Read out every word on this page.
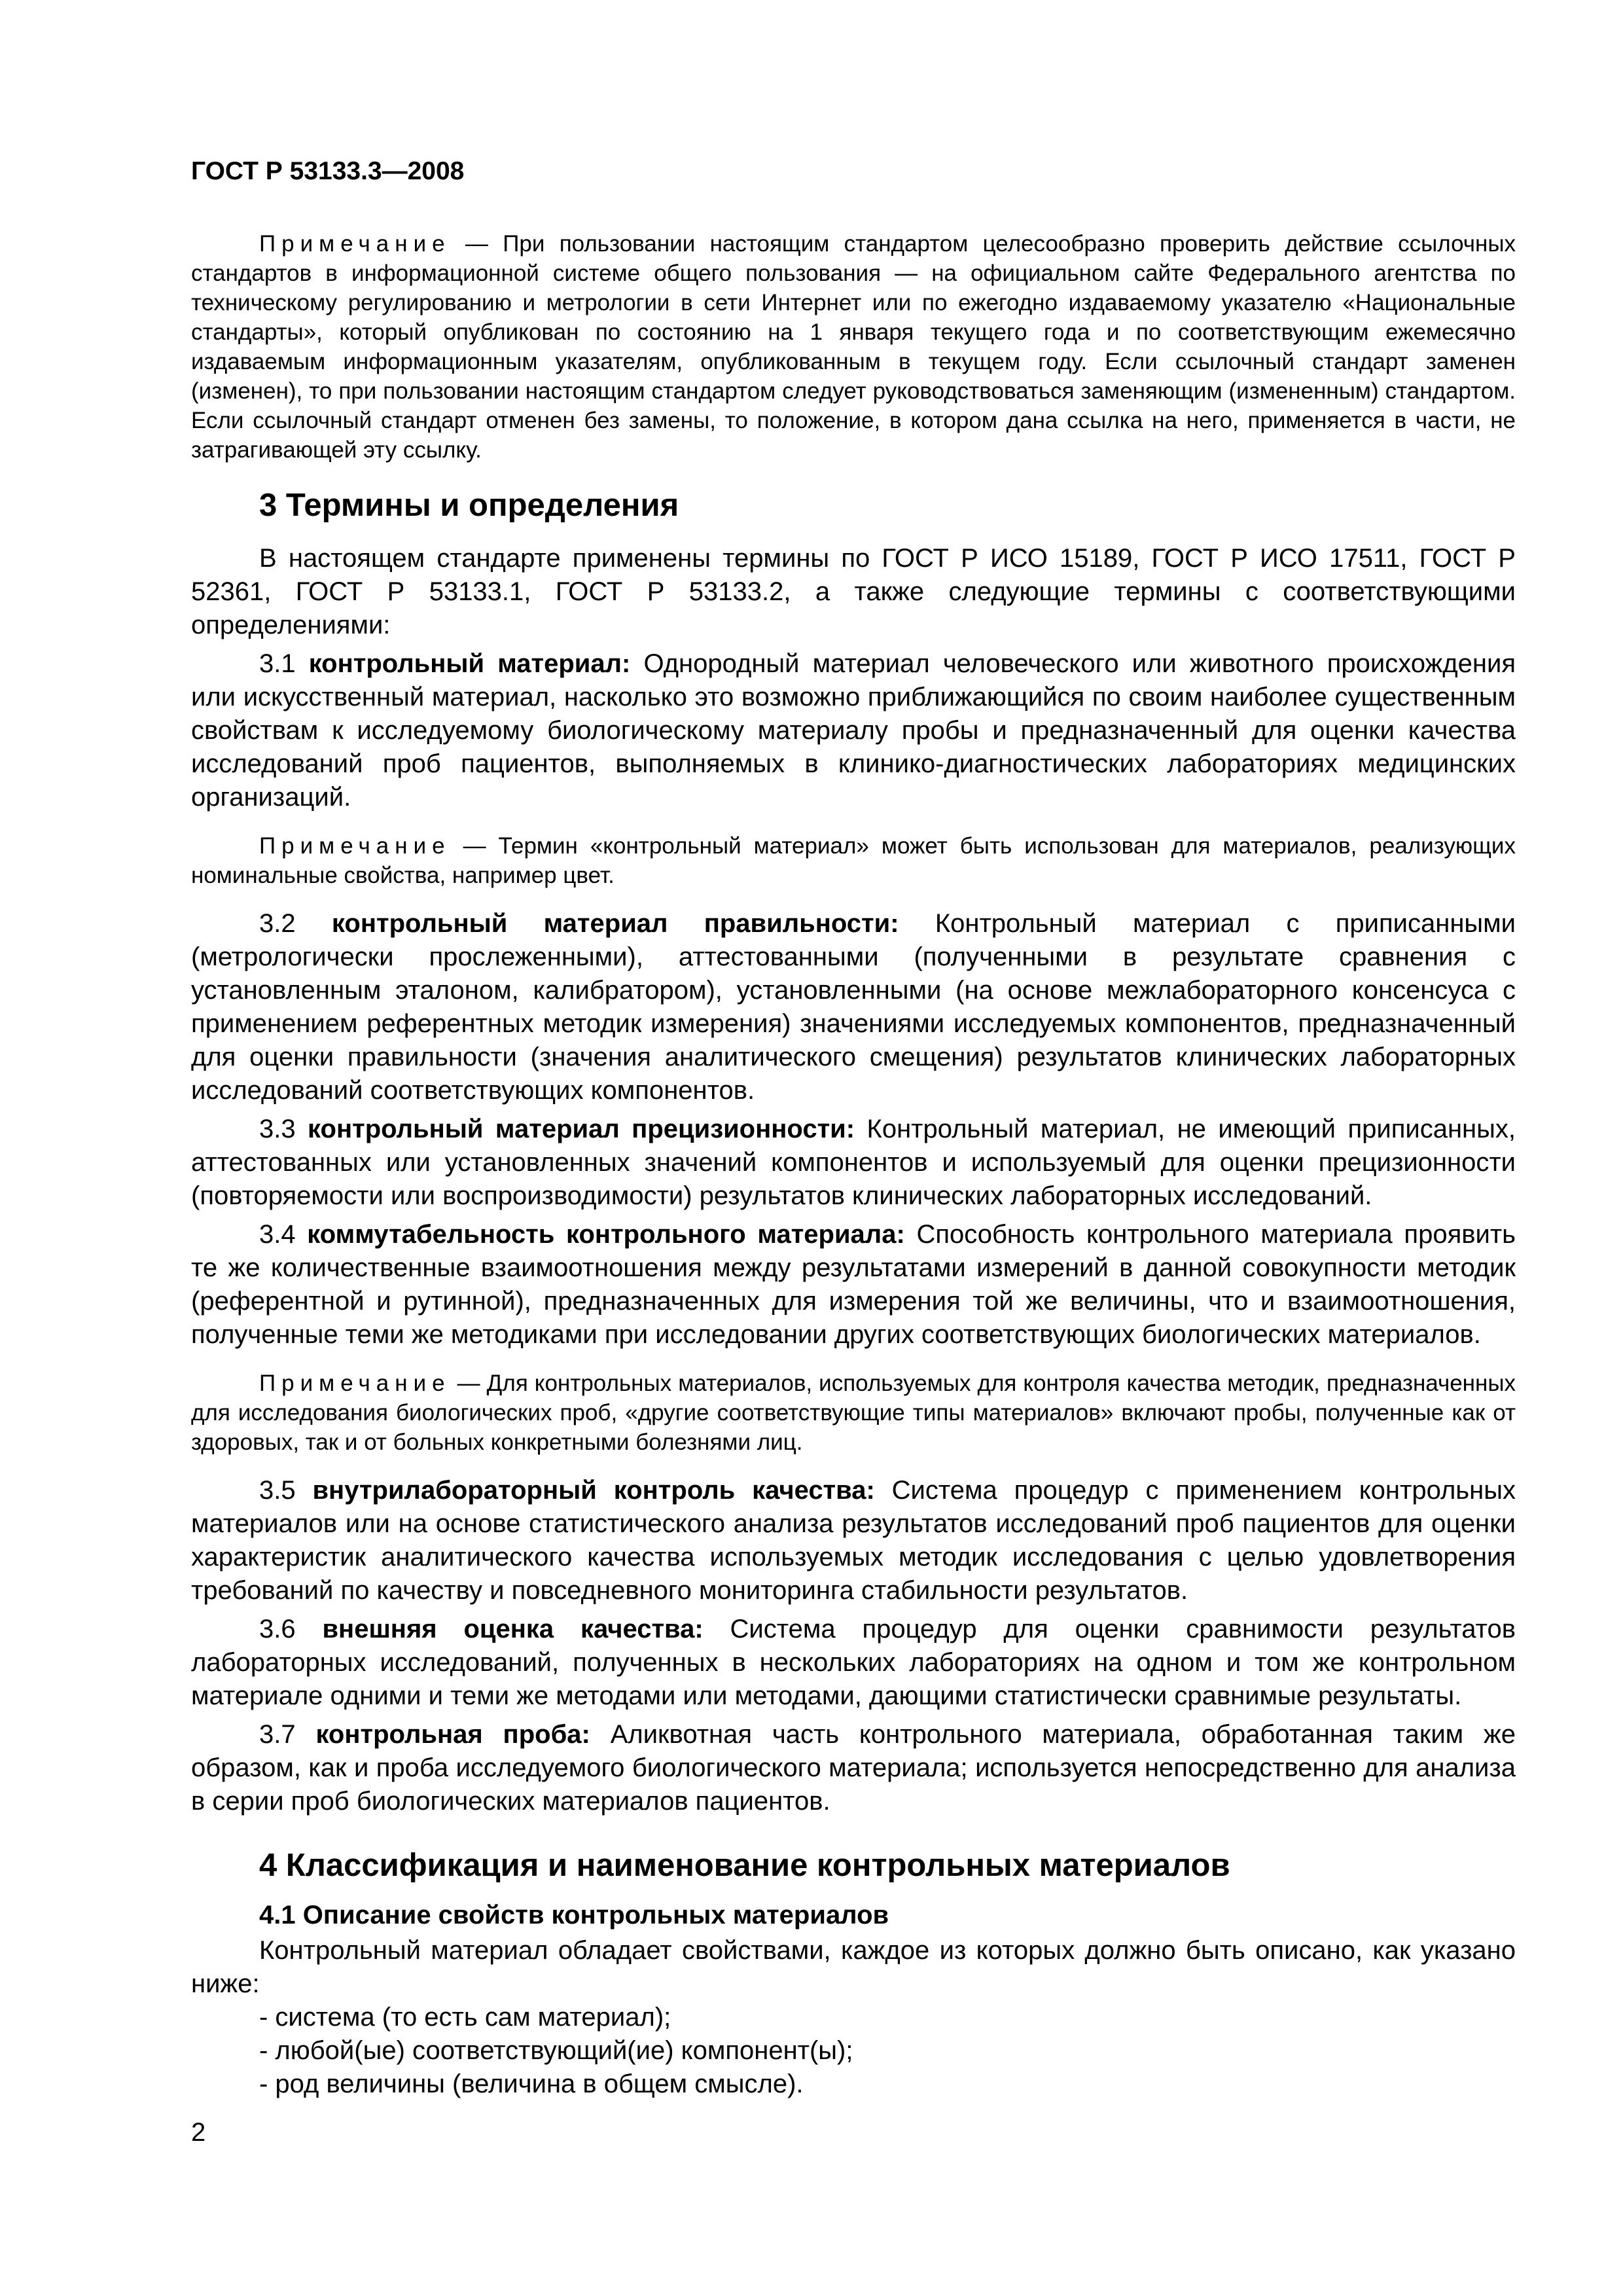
ГОСТ Р 53133.3—2008

Примечание — При пользовании настоящим стандартом целесообразно проверить действие ссылочных стандартов в информационной системе общего пользования — на официальном сайте Федерального агентства по техническому регулированию и метрологии в сети Интернет или по ежегодно издаваемому указателю «Национальные стандарты», который опубликован по состоянию на 1 января текущего года и по соответствующим ежемесячно издаваемым информационным указателям, опубликованным в текущем году. Если ссылочный стандарт заменен (изменен), то при пользовании настоящим стандартом следует руководствоваться заменяющим (измененным) стандартом. Если ссылочный стандарт отменен без замены, то положение, в котором дана ссылка на него, применяется в части, не затрагивающей эту ссылку.

3 Термины и определения

В настоящем стандарте применены термины по ГОСТ Р ИСО 15189, ГОСТ Р ИСО 17511, ГОСТ Р 52361, ГОСТ Р 53133.1, ГОСТ Р 53133.2, а также следующие термины с соответствующими определениями:

3.1 контрольный материал: Однородный материал человеческого или животного происхождения или искусственный материал, насколько это возможно приближающийся по своим наиболее существенным свойствам к исследуемому биологическому материалу пробы и предназначенный для оценки качества исследований проб пациентов, выполняемых в клинико-диагностических лабораториях медицинских организаций.

Примечание — Термин «контрольный материал» может быть использован для материалов, реализующих номинальные свойства, например цвет.

3.2 контрольный материал правильности: Контрольный материал с приписанными (метрологически прослеженными), аттестованными (полученными в результате сравнения с установленным эталоном, калибратором), установленными (на основе межлабораторного консенсуса с применением референтных методик измерения) значениями исследуемых компонентов, предназначенный для оценки правильности (значения аналитического смещения) результатов клинических лабораторных исследований соответствующих компонентов.

3.3 контрольный материал прецизионности: Контрольный материал, не имеющий приписанных, аттестованных или установленных значений компонентов и используемый для оценки прецизионности (повторяемости или воспроизводимости) результатов клинических лабораторных исследований.

3.4 коммутабельность контрольного материала: Способность контрольного материала проявить те же количественные взаимоотношения между результатами измерений в данной совокупности методик (референтной и рутинной), предназначенных для измерения той же величины, что и взаимоотношения, полученные теми же методиками при исследовании других соответствующих биологических материалов.

Примечание — Для контрольных материалов, используемых для контроля качества методик, предназначенных для исследования биологических проб, «другие соответствующие типы материалов» включают пробы, полученные как от здоровых, так и от больных конкретными болезнями лиц.

3.5 внутрилабораторный контроль качества: Система процедур с применением контрольных материалов или на основе статистического анализа результатов исследований проб пациентов для оценки характеристик аналитического качества используемых методик исследования с целью удовлетворения требований по качеству и повседневного мониторинга стабильности результатов.

3.6 внешняя оценка качества: Система процедур для оценки сравнимости результатов лабораторных исследований, полученных в нескольких лабораториях на одном и том же контрольном материале одними и теми же методами или методами, дающими статистически сравнимые результаты.

3.7 контрольная проба: Аликвотная часть контрольного материала, обработанная таким же образом, как и проба исследуемого биологического материала; используется непосредственно для анализа в серии проб биологических материалов пациентов.

4 Классификация и наименование контрольных материалов
4.1 Описание свойств контрольных материалов

Контрольный материал обладает свойствами, каждое из которых должно быть описано, как указано ниже:

- система (то есть сам материал);
- любой(ые) соответствующий(ие) компонент(ы);
- род величины (величина в общем смысле).
2
